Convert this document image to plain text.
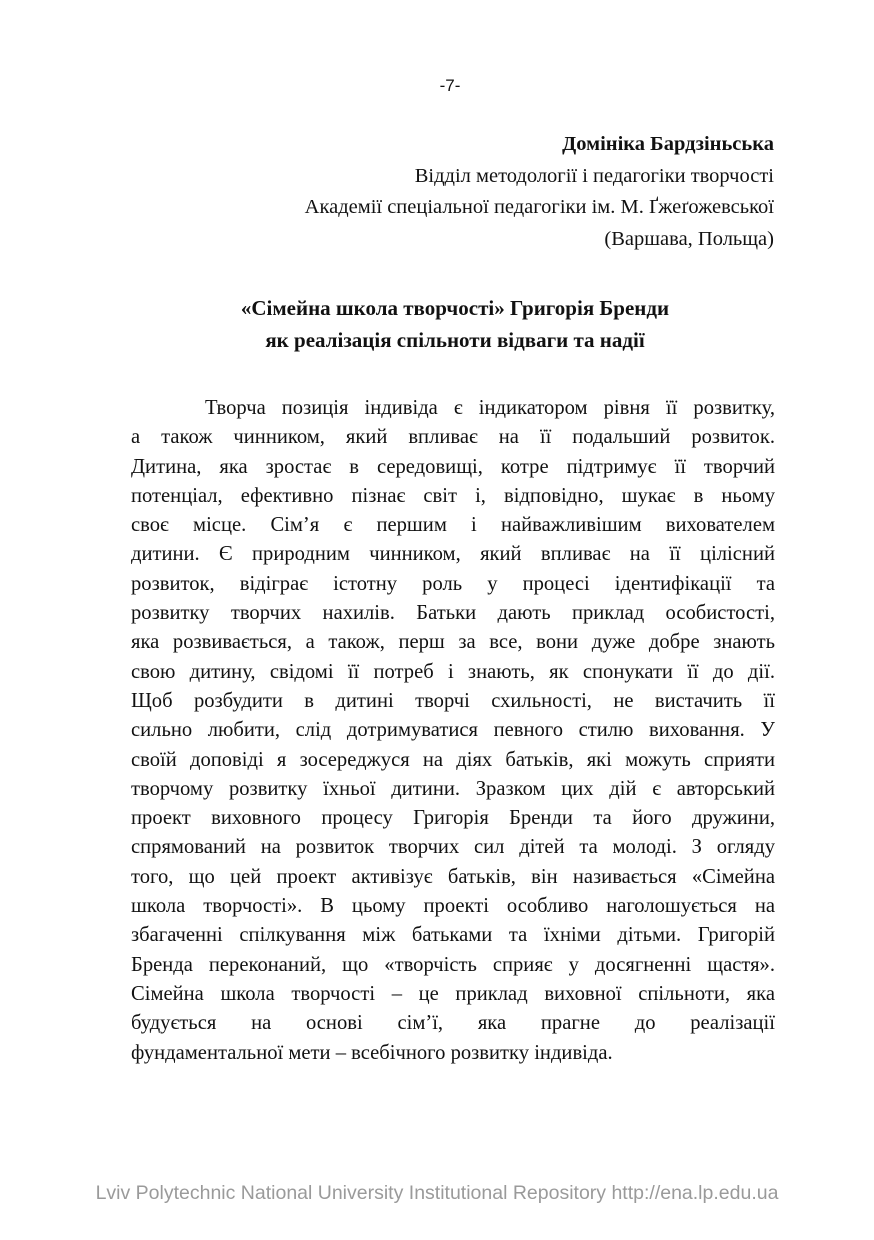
-7-
Домініка Бардзіньська
Відділ методології і педагогіки творчості
Академії спеціальної педагогіки ім. М. Ґжеґожевської
(Варшава, Польща)
«Сімейна школа творчості» Григорія Бренди
як реалізація спільноти відваги та надії
Творча позиція індивіда є індикатором рівня її розвитку,
а також чинником, який впливає на її подальший розвиток.
Дитина, яка зростає в середовищі, котре підтримує її творчий
потенціал, ефективно пізнає світ і, відповідно, шукає в ньому
своє місце. Сім’я є першим і найважливішим вихователем
дитини. Є природним чинником, який впливає на її цілісний
розвиток, відіграє істотну роль у процесі ідентифікації та
розвитку творчих нахилів. Батьки дають приклад особистості,
яка розвивається, а також, перш за все, вони дуже добре знають
свою дитину, свідомі її потреб і знають, як спонукати її до дії.
Щоб розбудити в дитині творчі схильності, не вистачить її
сильно любити, слід дотримуватися певного стилю виховання. У
своїй доповіді я зосереджуся на діях батьків, які можуть сприяти
творчому розвитку їхньої дитини. Зразком цих дій є авторський
проект виховного процесу Григорія Бренди та його дружини,
спрямований на розвиток творчих сил дітей та молоді. З огляду
того, що цей проект активізує батьків, він називається «Сімейна
школа творчості». В цьому проекті особливо наголошується на
збагаченні спілкування між батьками та їхніми дітьми. Григорій
Бренда переконаний, що «творчість сприяє у досягненні щастя».
Сімейна школа творчості – це приклад виховної спільноти, яка
будується на основі сім’ї, яка прагне до реалізації
фундаментальної мети – всебічного розвитку індивіда.
Lviv Polytechnic National University Institutional Repository http://ena.lp.edu.ua
